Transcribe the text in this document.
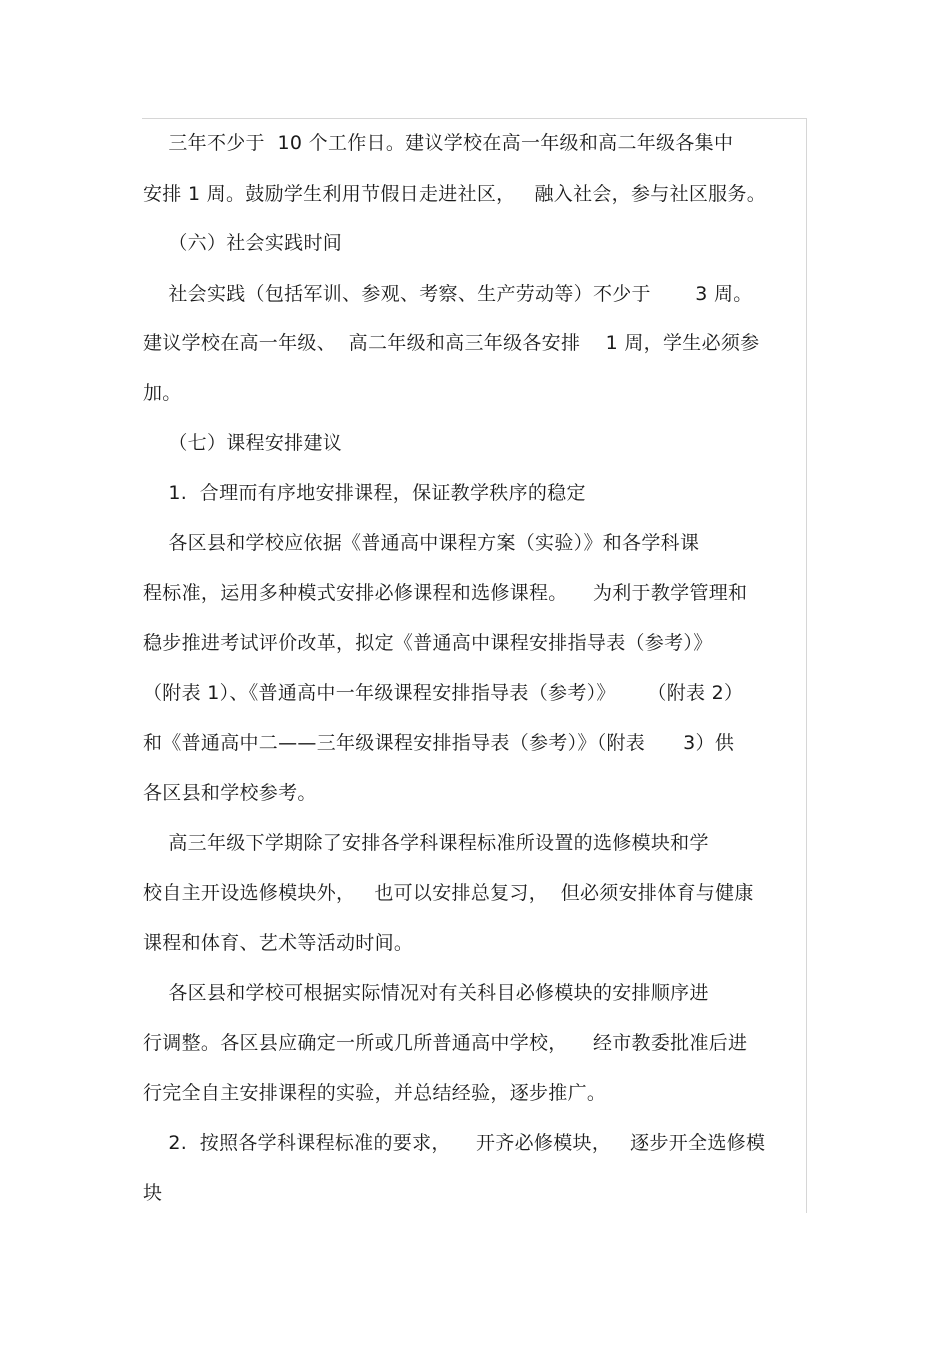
三年不少于  10 个工作日。建议学校在高一年级和高二年级各集中
安排 1 周。鼓励学生利用节假日走进社区，   融入社会，参与社区服务。
（六）社会实践时间
社会实践（包括军训、参观、考察、生产劳动等）不少于       3 周。
建议学校在高一年级、  高二年级和高三年级各安排    1 周，学生必须参
加。
（七）课程安排建议
1.  合理而有序地安排课程，保证教学秩序的稳定
各区县和学校应依据《普通高中课程方案（实验）》和各学科课
程标准，运用多种模式安排必修课程和选修课程。    为利于教学管理和
稳步推进考试评价改革，拟定《普通高中课程安排指导表（参考）》
（附表 1）、《普通高中一年级课程安排指导表（参考）》     （附表 2）
和《普通高中二——三年级课程安排指导表（参考）》（附表      3）供
各区县和学校参考。
高三年级下学期除了安排各学科课程标准所设置的选修模块和学
校自主开设选修模块外，   也可以安排总复习，  但必须安排体育与健康
课程和体育、艺术等活动时间。
各区县和学校可根据实际情况对有关科目必修模块的安排顺序进
行调整。各区县应确定一所或几所普通高中学校，    经市教委批准后进
行完全自主安排课程的实验，并总结经验，逐步推广。
2.  按照各学科课程标准的要求，    开齐必修模块，   逐步开全选修模
块
